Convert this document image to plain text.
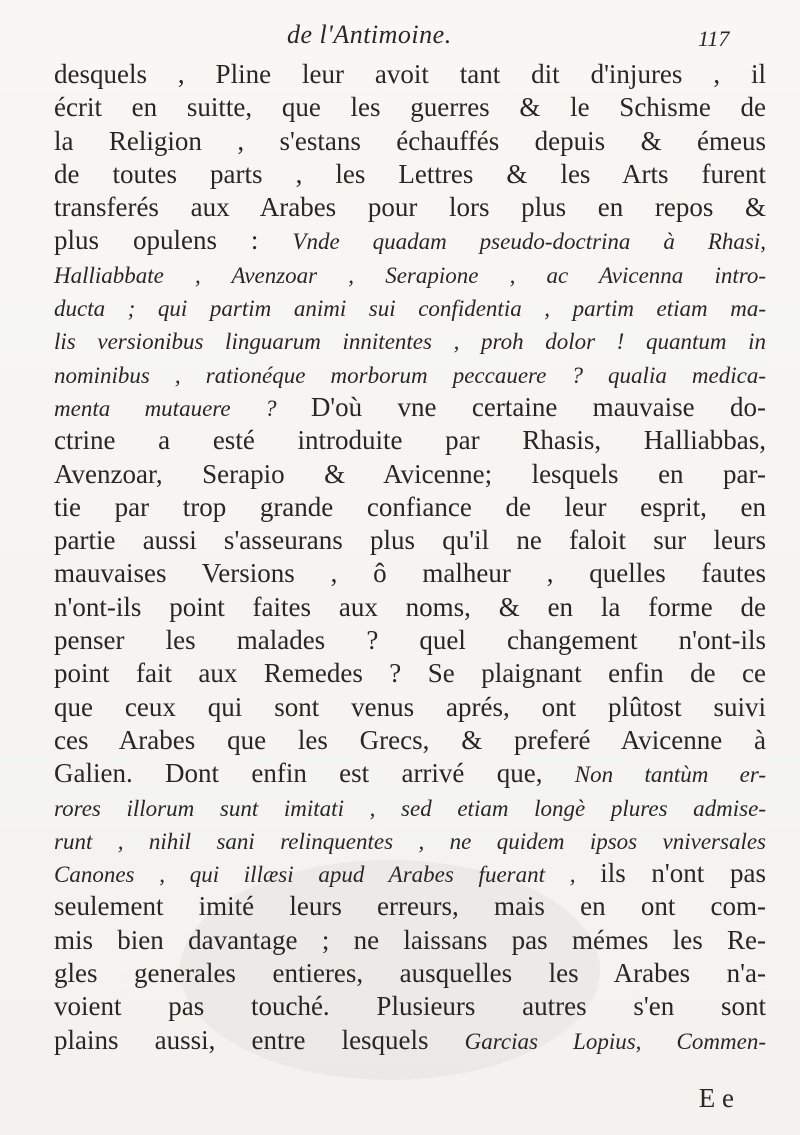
de l'Antimoine.	117
desquels , Pline leur avoit tant dit d'injures , il
écrit en suitte, que les guerres & le Schisme de
la Religion , s'estans échauffés depuis & émeus
de toutes parts , les Lettres & les Arts furent
transferés aux Arabes pour lors plus en repos &
plus opulens : Vnde quadam pseudo-doctrina à Rhasi,
Halliabbate , Avenzoar , Serapione , ac Avicenna intro-
ducta ; qui partim animi sui confidentia , partim etiam ma-
lis versionibus linguarum innitentes , proh dolor ! quantum in
nominibus , rationéque morborum peccauere ? qualia medica-
menta mutauere ? D'où vne certaine mauvaise do-
ctrine a esté introduite par Rhasis, Halliabbas,
Avenzoar, Serapio & Avicenne; lesquels en par-
tie par trop grande confiance de leur esprit, en
partie aussi s'asseurans plus qu'il ne faloit sur leurs
mauvaises Versions , ô malheur , quelles fautes
n'ont-ils point faites aux noms, & en la forme de
penser les malades ? quel changement n'ont-ils
point fait aux Remedes ? Se plaignant enfin de ce
que ceux qui sont venus aprés, ont plûtost suivi
ces Arabes que les Grecs, & preferé Avicenne à
Galien. Dont enfin est arrivé que, Non tantùm er-
rores illorum sunt imitati , sed etiam longè plures admise-
runt , nihil sani relinquentes , ne quidem ipsos vniversales
Canones , qui illæsi apud Arabes fuerant , ils n'ont pas
seulement imité leurs erreurs, mais en ont com-
mis bien davantage ; ne laissans pas mémes les Re-
gles generales entieres, ausquelles les Arabes n'a-
voient pas touché. Plusieurs autres s'en sont
plains aussi, entre lesquels Garcias Lopius, Commen-
E e
